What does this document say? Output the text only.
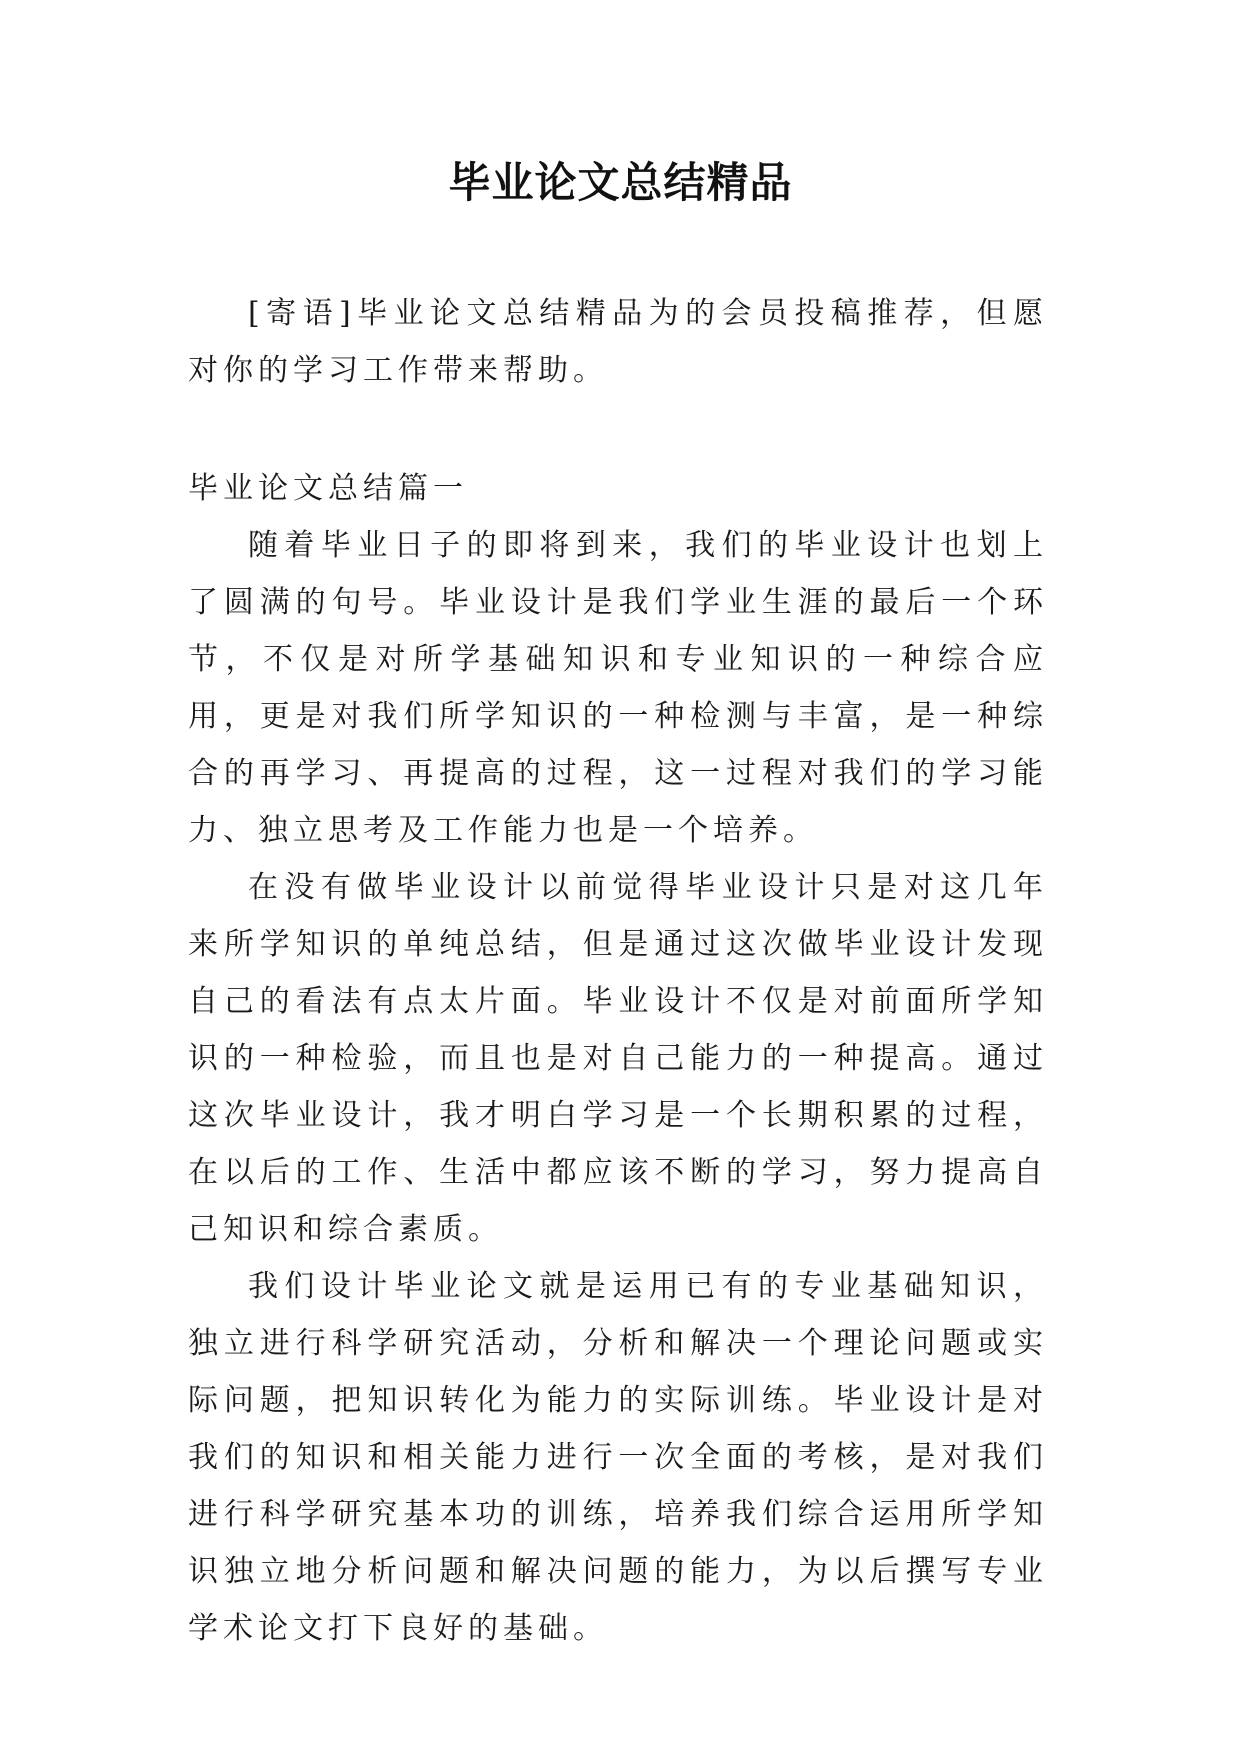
毕业论文总结精品

[寄语]毕业论文总结精品为的会员投稿推荐，但愿对你的学习工作带来帮助。

毕业论文总结篇一

随着毕业日子的即将到来，我们的毕业设计也划上了圆满的句号。毕业设计是我们学业生涯的最后一个环节，不仅是对所学基础知识和专业知识的一种综合应用，更是对我们所学知识的一种检测与丰富，是一种综合的再学习、再提高的过程，这一过程对我们的学习能力、独立思考及工作能力也是一个培养。

在没有做毕业设计以前觉得毕业设计只是对这几年来所学知识的单纯总结，但是通过这次做毕业设计发现自己的看法有点太片面。毕业设计不仅是对前面所学知识的一种检验，而且也是对自己能力的一种提高。通过这次毕业设计，我才明白学习是一个长期积累的过程，在以后的工作、生活中都应该不断的学习，努力提高自己知识和综合素质。

我们设计毕业论文就是运用已有的专业基础知识，独立进行科学研究活动，分析和解决一个理论问题或实际问题，把知识转化为能力的实际训练。毕业设计是对我们的知识和相关能力进行一次全面的考核，是对我们进行科学研究基本功的训练，培养我们综合运用所学知识独立地分析问题和解决问题的能力，为以后撰写专业学术论文打下良好的基础。
